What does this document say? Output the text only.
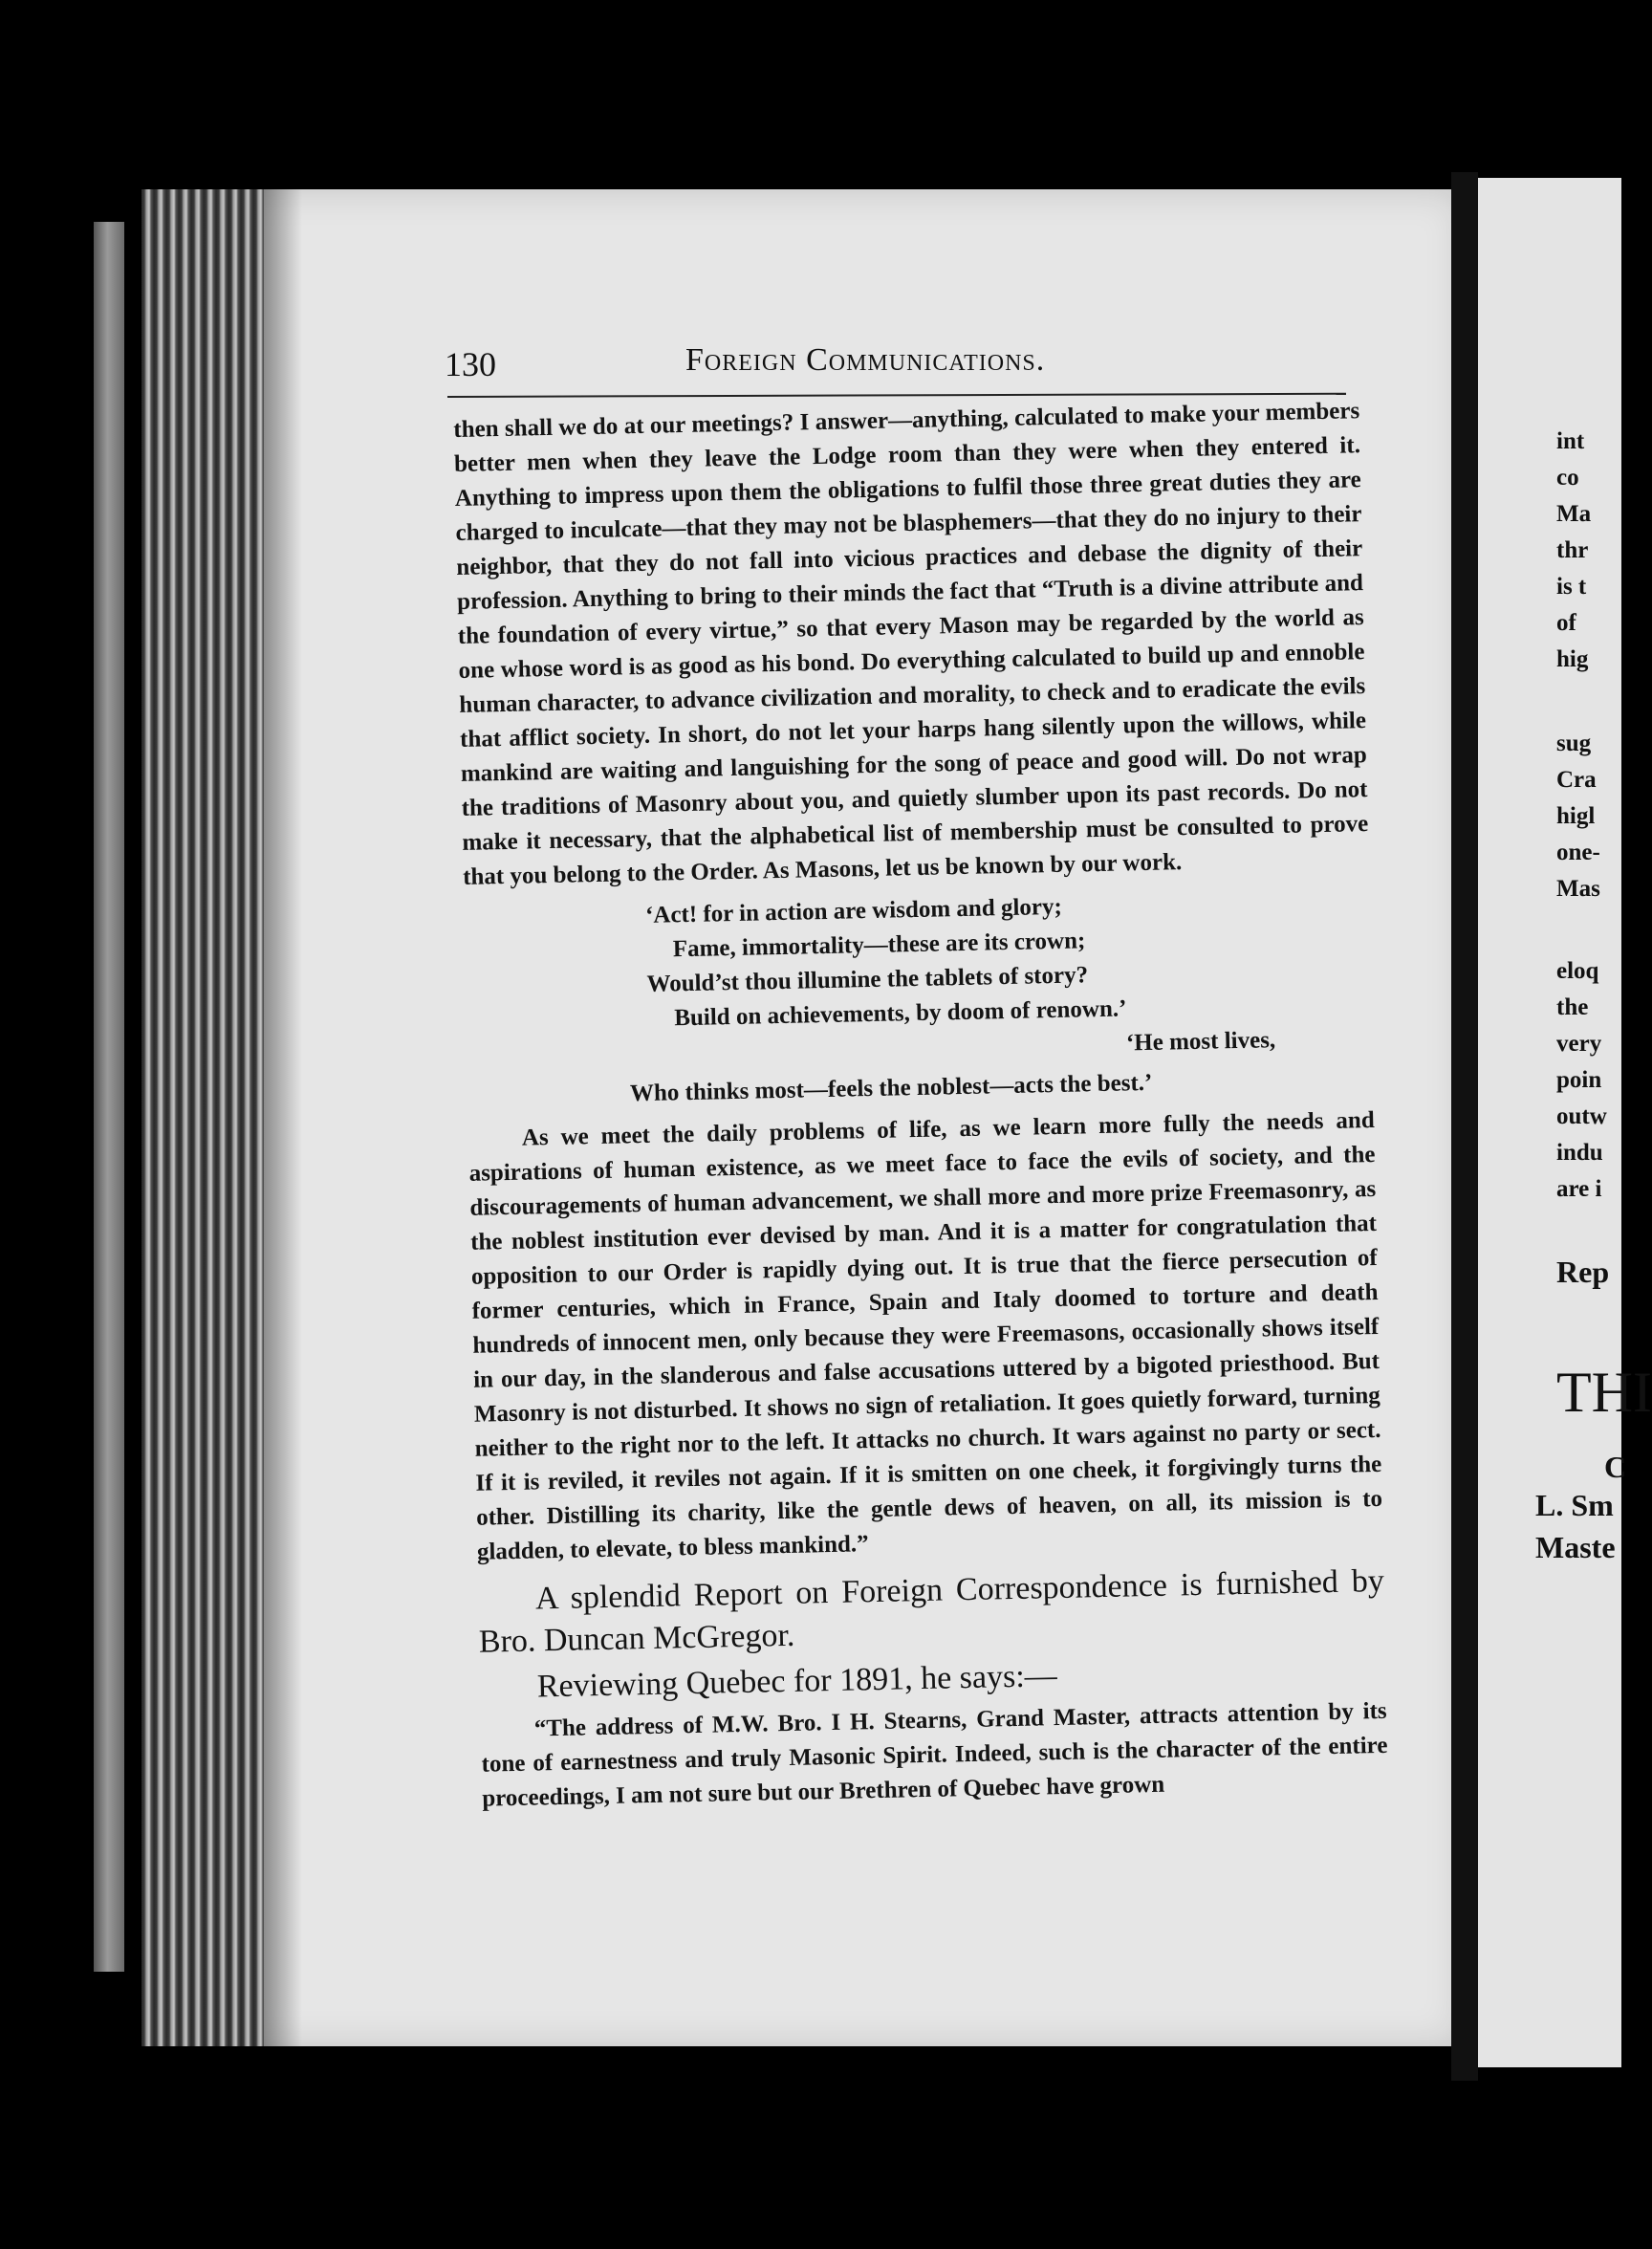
int
co
Ma
thr
is t
of
hig
sug
Cra
higl
one-
Mas
eloq
the
very
poin
outw
indu
are i
Rep
THI
C
L. Sm
Maste
130	Foreign Communications.

then shall we do at our meetings? I answer—anything, calculated to make your members better men when they leave the Lodge room than they were when they entered it. Anything to impress upon them the obligations to fulfil those three great duties they are charged to inculcate—that they may not be blasphemers—that they do no injury to their neighbor, that they do not fall into vicious practices and debase the dignity of their profession. Anything to bring to their minds the fact that “Truth is a divine attribute and the foundation of every virtue,” so that every Mason may be regarded by the world as one whose word is as good as his bond. Do everything calculated to build up and ennoble human character, to advance civilization and morality, to check and to eradicate the evils that afflict society. In short, do not let your harps hang silently upon the willows, while mankind are waiting and languishing for the song of peace and good will. Do not wrap the traditions of Masonry about you, and quietly slumber upon its past records. Do not make it necessary, that the alphabetical list of membership must be consulted to prove that you belong to the Order. As Masons, let us be known by our work.

‘Act! for in action are wisdom and glory;
Fame, immortality—these are its crown;
Would’st thou illumine the tablets of story?
Build on achievements, by doom of renown.’
‘He most lives,
Who thinks most—feels the noblest—acts the best.’

As we meet the daily problems of life, as we learn more fully the needs and aspirations of human existence, as we meet face to face the evils of society, and the discouragements of human advancement, we shall more and more prize Freemasonry, as the noblest institution ever devised by man. And it is a matter for congratulation that opposition to our Order is rapidly dying out. It is true that the fierce persecution of former centuries, which in France, Spain and Italy doomed to torture and death hundreds of innocent men, only because they were Freemasons, occasionally shows itself in our day, in the slanderous and false accusations uttered by a bigoted priesthood. But Masonry is not disturbed. It shows no sign of retaliation. It goes quietly forward, turning neither to the right nor to the left. It attacks no church. It wars against no party or sect. If it is reviled, it reviles not again. If it is smitten on one cheek, it forgivingly turns the other. Distilling its charity, like the gentle dews of heaven, on all, its mission is to gladden, to elevate, to bless mankind.”

A splendid Report on Foreign Correspondence is furnished by Bro. Duncan McGregor.

Reviewing Quebec for 1891, he says:—

“The address of M.W. Bro. I H. Stearns, Grand Master, attracts attention by its tone of earnestness and truly Masonic Spirit. Indeed, such is the character of the entire proceedings, I am not sure but our Brethren of Quebec have grown
